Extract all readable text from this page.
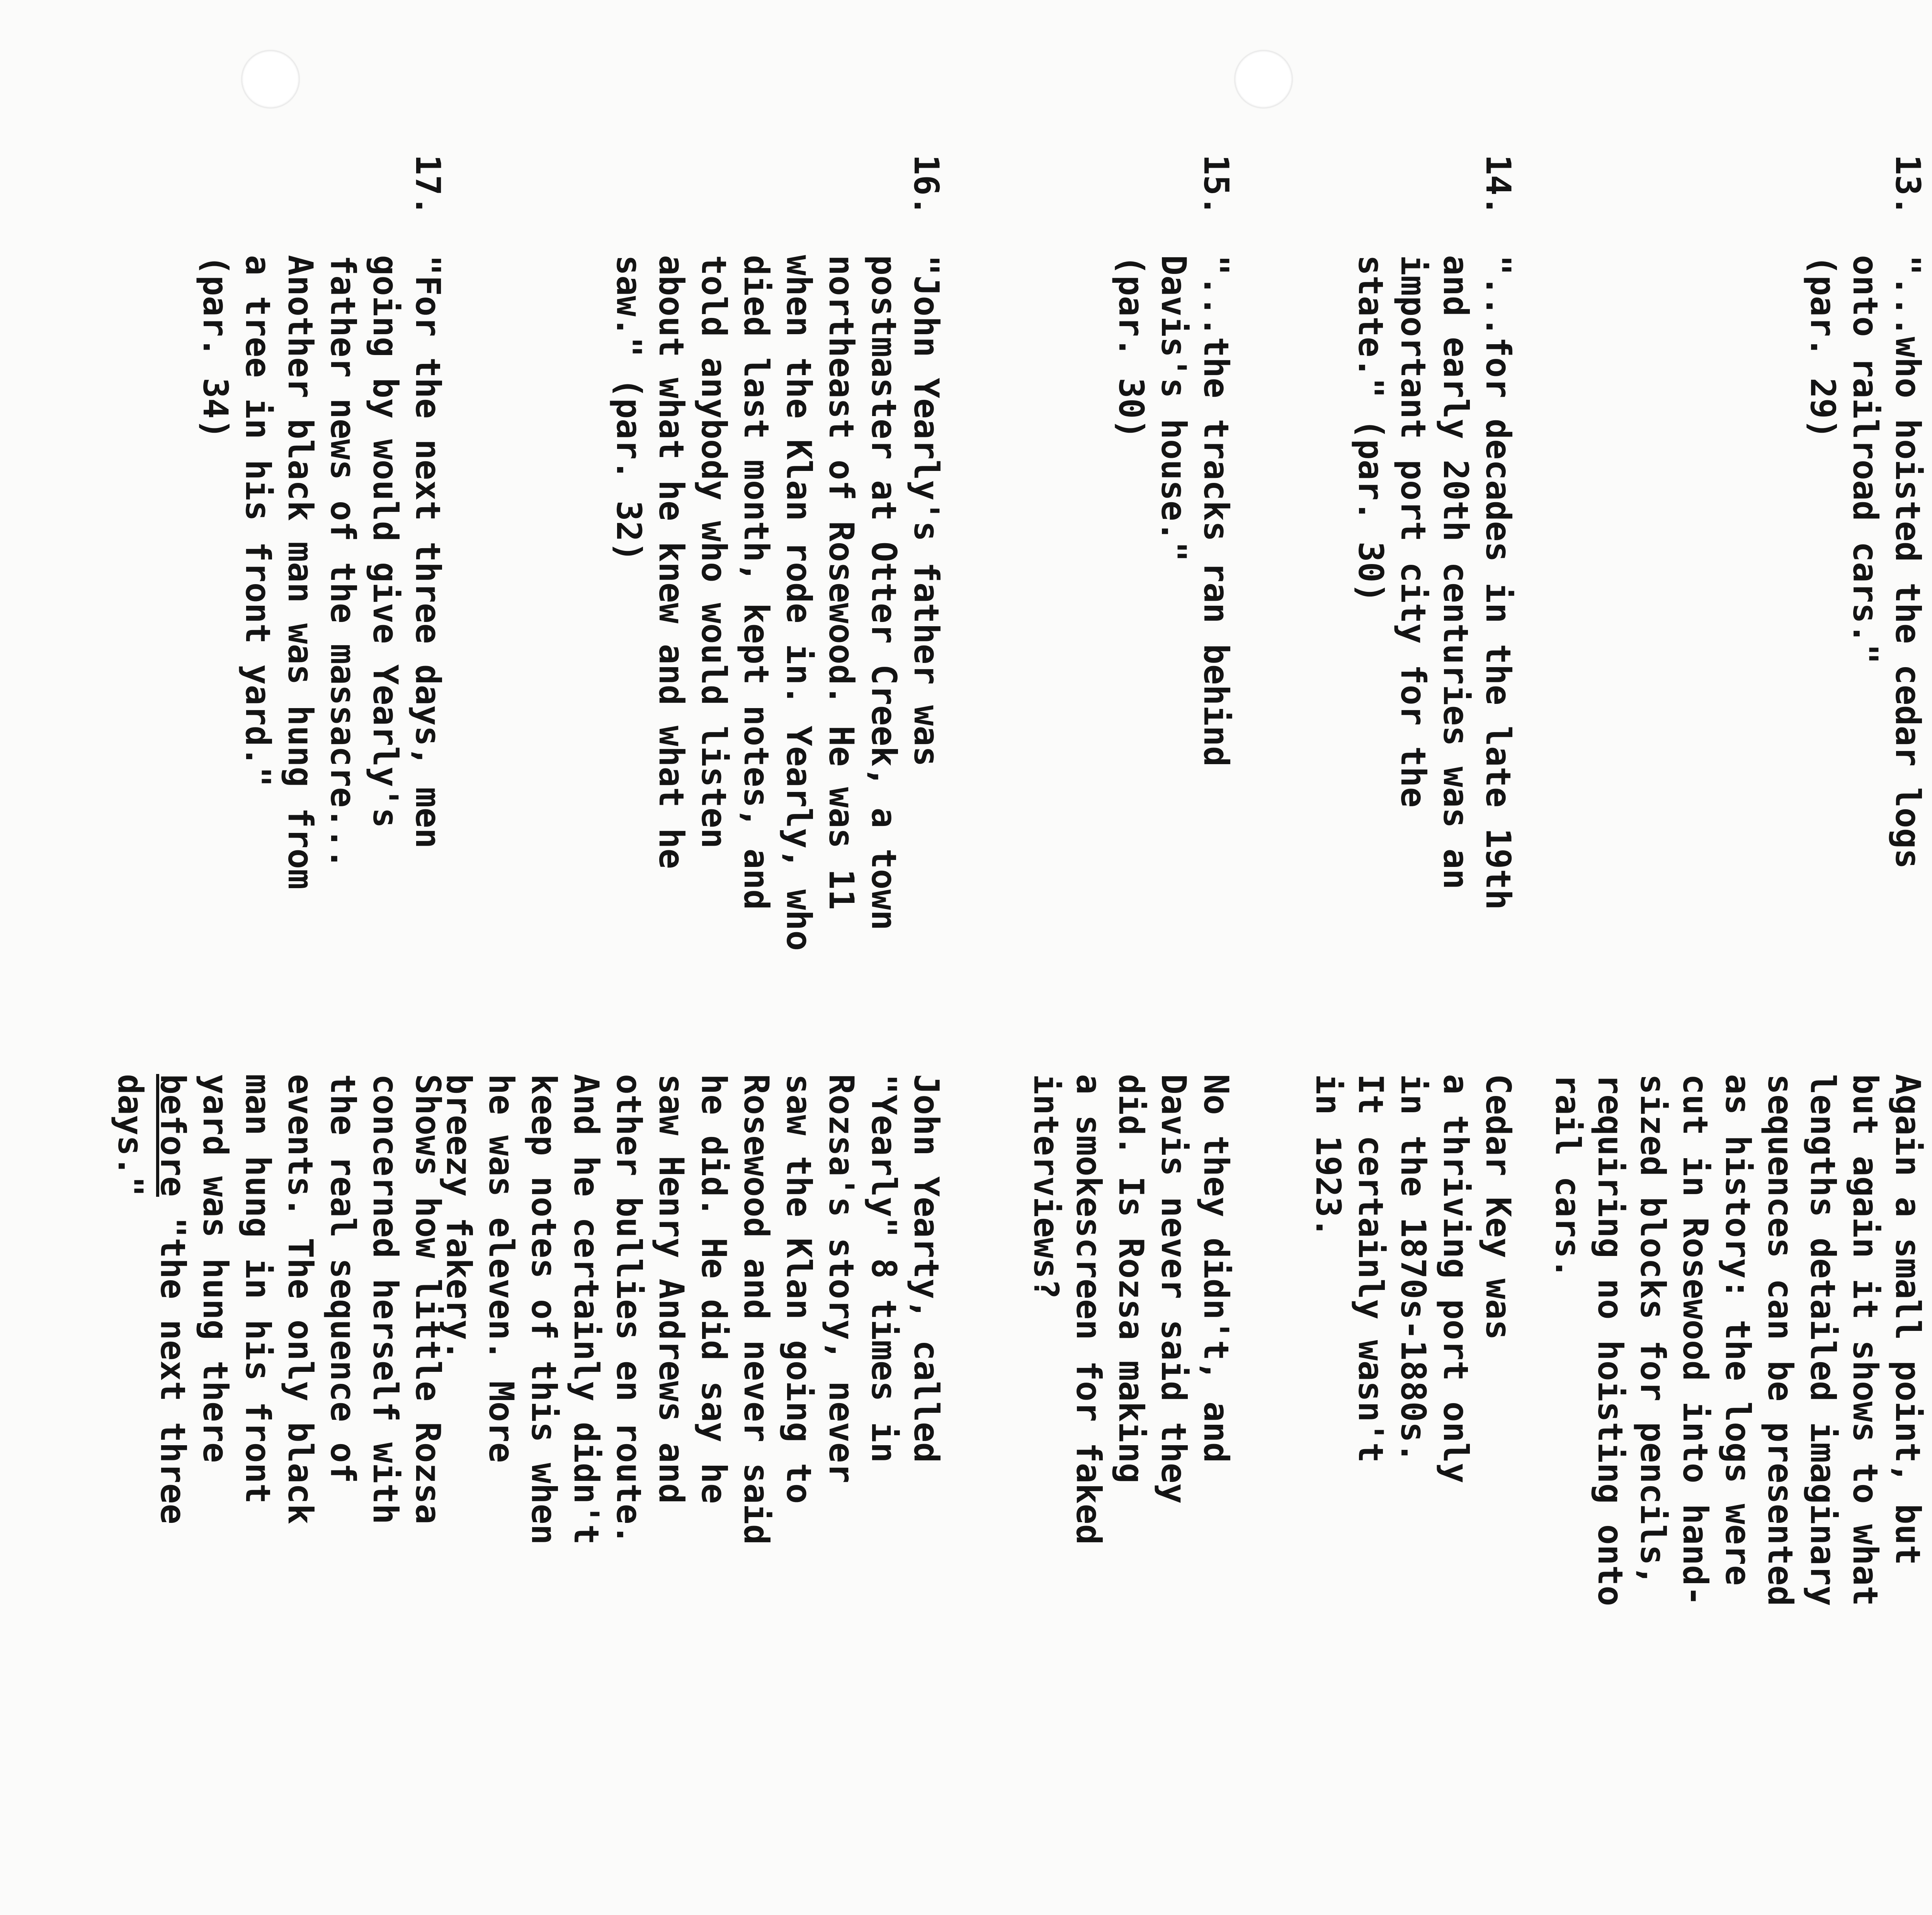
13.
"...who hoisted the cedar logs
onto railroad cars."
(par. 29)
Again a small point, but
but again it shows to what
lengths detailed imaginary
sequences can be presented
as history: the logs were
cut in Rosewood into hand-
sized blocks for pencils,
requiring no hoisting onto
rail cars.
14.
"...for decades in the late 19th
and early 20th centuries was an
important port city for the
state." (par. 30)
Cedar Key was
a thriving port only
in the 1870s-1880s.
It certainly wasn't
in 1923.
15.
"...the tracks ran behind
Davis's house."
(par. 30)
No they didn't, and
Davis never said they
did. Is Rozsa making
a smokescreen for faked
interviews?
16.
"John Yearly's father was
postmaster at Otter Creek, a town
northeast of Rosewood. He was 11
when the Klan rode in. Yearly, who
died last month, kept notes, and
told anybody who would listen
about what he knew and what he
saw." (par. 32)
John Yearty, called
"Yearly" 8 times in
Rozsa's story, never
saw the Klan going to
Rosewood and never said
he did. He did say he
saw Henry Andrews and
other bullies en route.
And he certainly didn't
keep notes of this when
he was eleven. More
breezy fakery.
17.
"For the next three days, men
going by would give Yearly's
father news of the massacre...
Another black man was hung from
a tree in his front yard."
(par. 34)
Shows how little Rozsa
concerned herself with
the real sequence of
events. The only black
man hung in his front
yard was hung there
before "the next three
days."
